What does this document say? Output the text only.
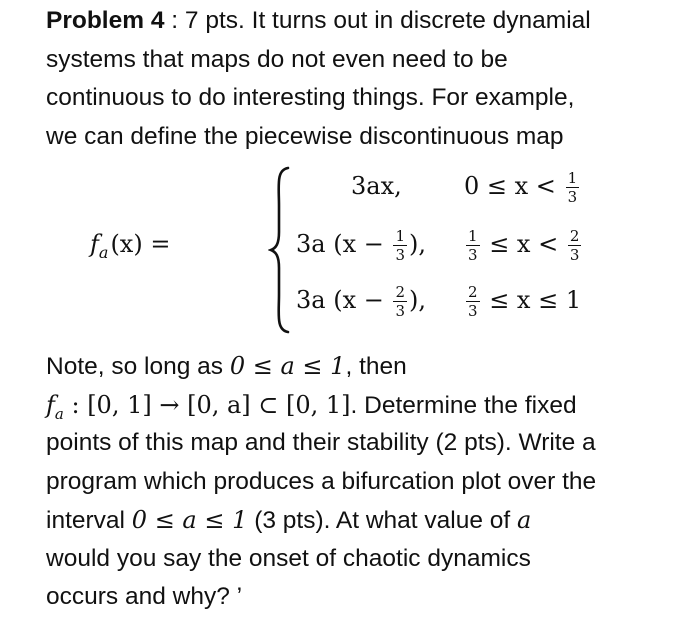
Problem 4 : 7 pts. It turns out in discrete dynamial
systems that maps do not even need to be
continuous to do interesting things. For example,
we can define the piecewise discontinuous map
$f_a(x)$ =
3ax,	$0 \le x < \frac{1}{3}$
3a ($x - \frac{1}{3}$ ),	$\frac{1}{3} \le x < \frac{2}{3}$
3a ($x - \frac{2}{3}$ ),	$\frac{2}{3} \le x \le 1$
Note, so long as 0 ≤ a ≤ 1, then
$f_a$ : [0, 1] → [0, a] ⊂ [0, 1]. Determine the fixed
points of this map and their stability (2 pts). Write a
program which produces a bifurcation plot over the
interval 0 ≤ a ≤ 1 (3 pts). At what value of a
would you say the onset of chaotic dynamics
occurs and why? ’
